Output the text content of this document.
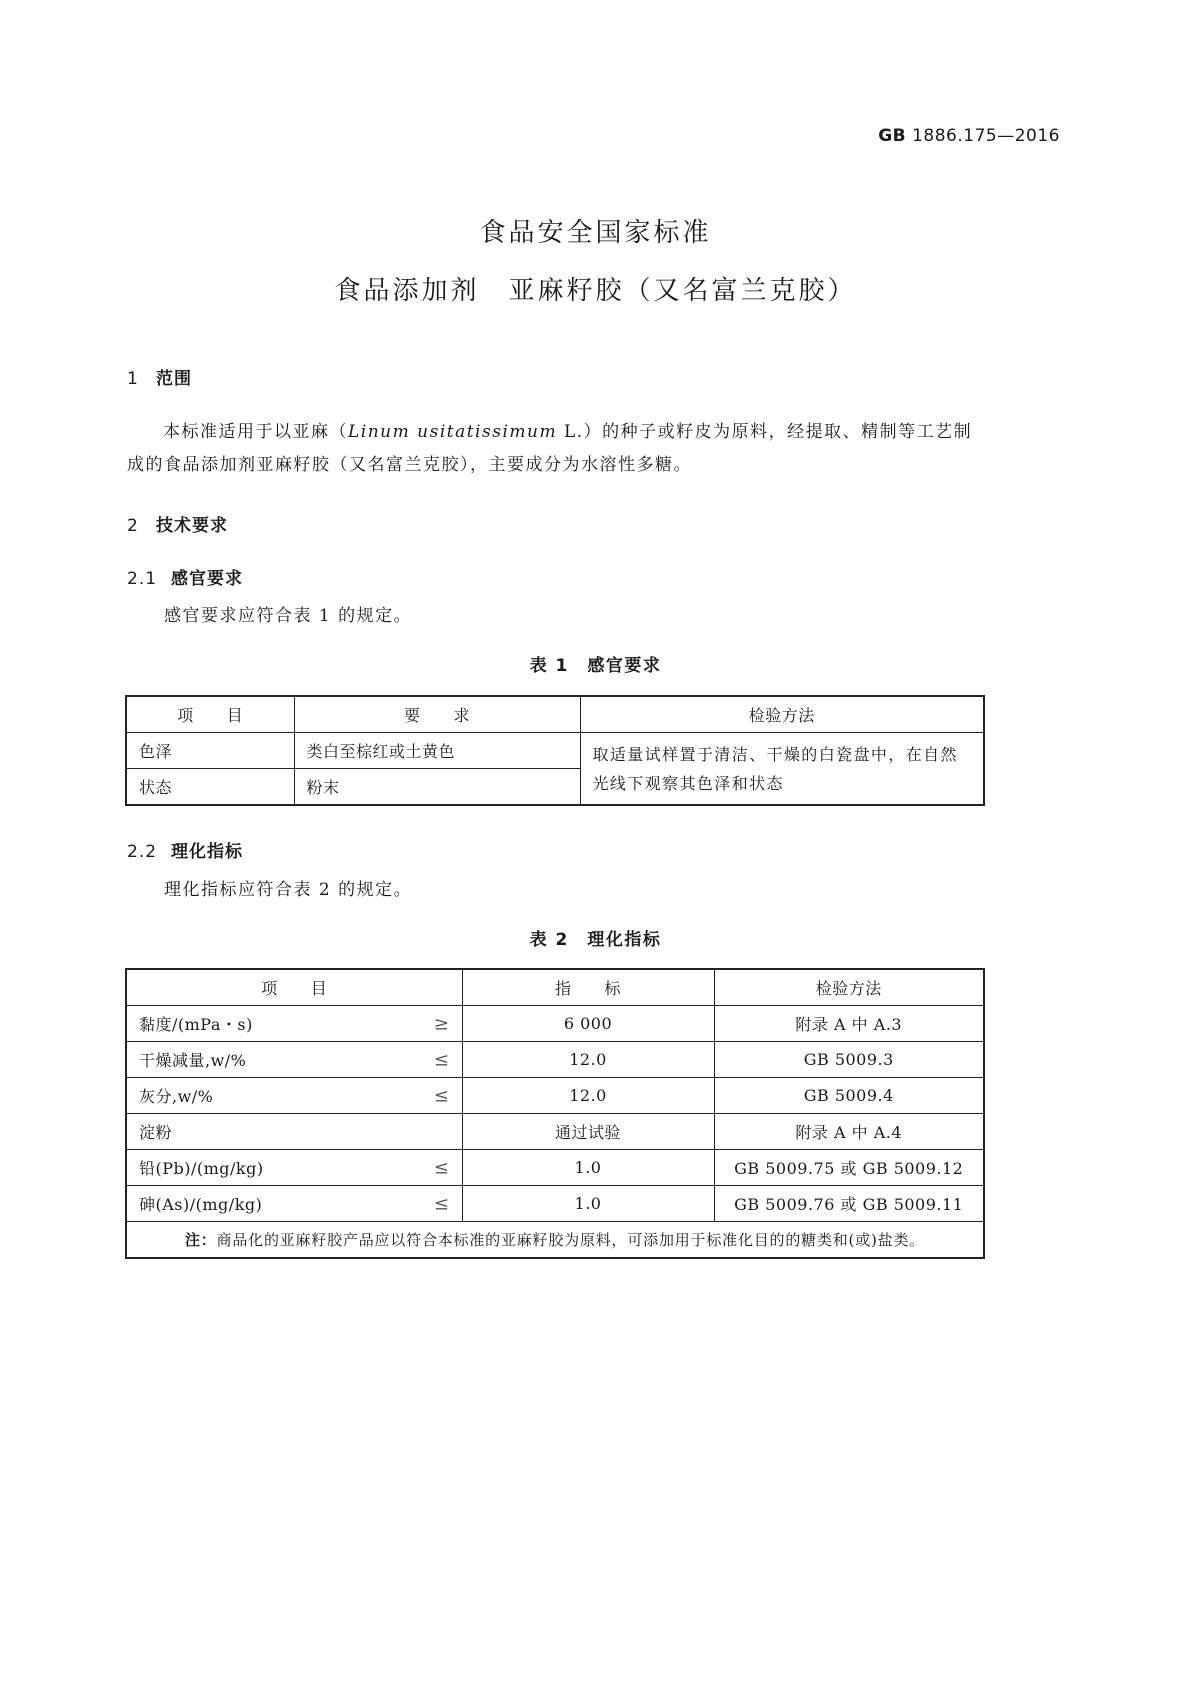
GB 1886.175—2016
食品安全国家标准
食品添加剂　亚麻籽胶（又名富兰克胶）
1 范围
本标准适用于以亚麻（Linum usitatissimum L.）的种子或籽皮为原料，经提取、精制等工艺制成的食品添加剂亚麻籽胶（又名富兰克胶），主要成分为水溶性多糖。
2 技术要求
2.1 感官要求
感官要求应符合表 1 的规定。
表 1　感官要求
项　　目	要　　求	检验方法
色泽	类白至棕红或土黄色	取适量试样置于清洁、干燥的白瓷盘中，在自然光线下观察其色泽和状态
状态	粉末	
2.2 理化指标
理化指标应符合表 2 的规定。
表 2　理化指标
项　　目	指　　标	检验方法
黏度/(mPa・s) ≥	6 000	附录 A 中 A.3
干燥减量,w/% ≤	12.0	GB 5009.3
灰分,w/% ≤	12.0	GB 5009.4
淀粉	通过试验	附录 A 中 A.4
铅(Pb)/(mg/kg) ≤	1.0	GB 5009.75 或 GB 5009.12
砷(As)/(mg/kg) ≤	1.0	GB 5009.76 或 GB 5009.11
注：商品化的亚麻籽胶产品应以符合本标准的亚麻籽胶为原料，可添加用于标准化目的的糖类和(或)盐类。		
